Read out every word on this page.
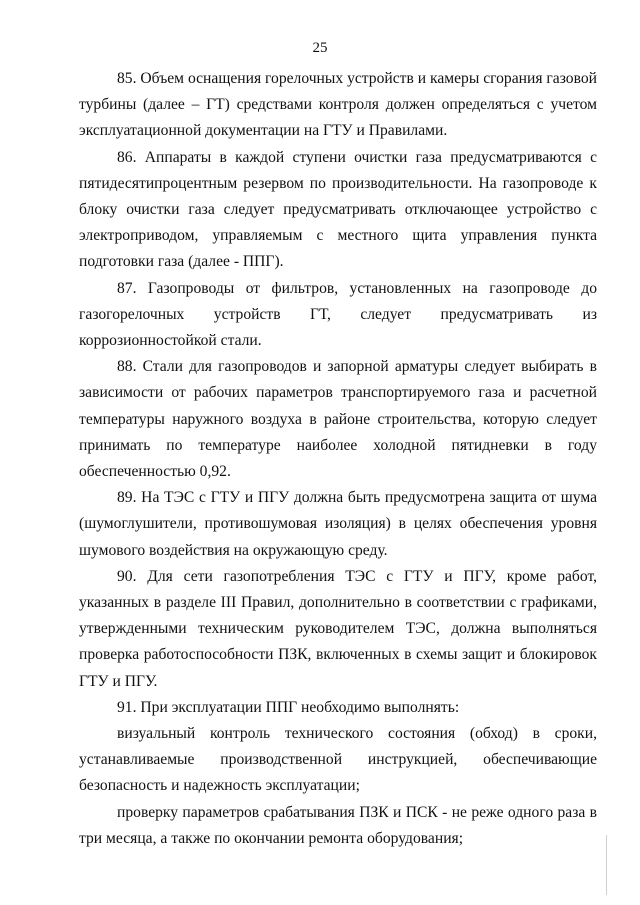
25

85. Объем оснащения горелочных устройств и камеры сгорания газовой турбины (далее – ГТ) средствами контроля должен определяться с учетом эксплуатационной документации на ГТУ и Правилами.

86. Аппараты в каждой ступени очистки газа предусматриваются с пятидесятипроцентным резервом по производительности. На газопроводе к блоку очистки газа следует предусматривать отключающее устройство с электроприводом, управляемым с местного щита управления пункта подготовки газа (далее - ППГ).

87. Газопроводы от фильтров, установленных на газопроводе до газогорелочных устройств ГТ, следует предусматривать из коррозионностойкой стали.

88. Стали для газопроводов и запорной арматуры следует выбирать в зависимости от рабочих параметров транспортируемого газа и расчетной температуры наружного воздуха в районе строительства, которую следует принимать по температуре наиболее холодной пятидневки в году обеспеченностью 0,92.

89. На ТЭС с ГТУ и ПГУ должна быть предусмотрена защита от шума (шумоглушители, противошумовая изоляция) в целях обеспечения уровня шумового воздействия на окружающую среду.

90. Для сети газопотребления ТЭС с ГТУ и ПГУ, кроме работ, указанных в разделе III Правил, дополнительно в соответствии с графиками, утвержденными техническим руководителем ТЭС, должна выполняться проверка работоспособности ПЗК, включенных в схемы защит и блокировок ГТУ и ПГУ.

91. При эксплуатации ППГ необходимо выполнять:

визуальный контроль технического состояния (обход) в сроки, устанавливаемые производственной инструкцией, обеспечивающие безопасность и надежность эксплуатации;

проверку параметров срабатывания ПЗК и ПСК - не реже одного раза в три месяца, а также по окончании ремонта оборудования;
